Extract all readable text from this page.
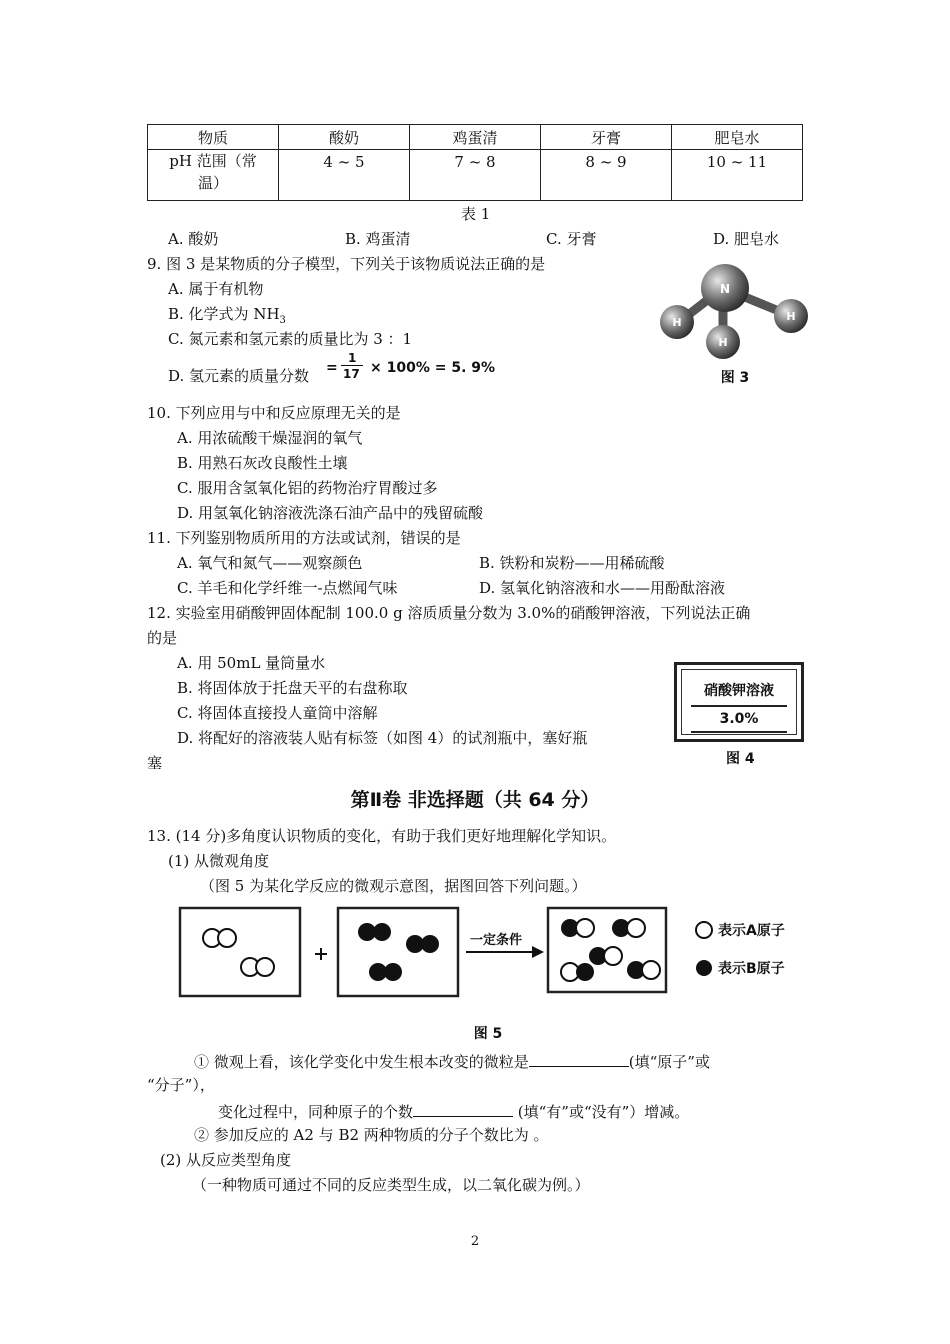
物质	酸奶	鸡蛋清	牙膏	肥皂水
pH 范围（常温）	4 ~ 5	7 ~ 8	8 ~ 9	10 ~ 11
表 1
A. 酸奶	B. 鸡蛋清	C. 牙膏	D. 肥皂水
9. 图 3 是某物质的分子模型，下列关于该物质说法正确的是
A. 属于有机物
B. 化学式为 $NH_3$
C. 氮元素和氢元素的质量比为 3 ：1
D. 氢元素的质量分数 =
1
17 × 100% = 5. 9%
N
H	H
H
图 3
10. 下列应用与中和反应原理无关的是
A. 用浓硫酸干燥湿润的氧气
B. 用熟石灰改良酸性土壤
C. 服用含氢氧化铝的药物治疗胃酸过多
D. 用氢氧化钠溶液洗涤石油产品中的残留硫酸
11. 下列鉴别物质所用的方法或试剂，错误的是
A. 氧气和氮气——观察颜色	B. 铁粉和炭粉——用稀硫酸
C. 羊毛和化学纤维一-点燃闻气味	D. 氢氧化钠溶液和水——用酚酞溶液
12. 实验室用硝酸钾固体配制 100.0 g 溶质质量分数为 3.0%的硝酸钾溶液，下列说法正确
的是
A. 用 50mL 量筒量水
B. 将固体放于托盘天平的右盘称取
C. 将固体直接投人童筒中溶解
D. 将配好的溶液装人贴有标签（如图 4）的试剂瓶中，塞好瓶
塞
硝酸钾溶液
3.0%
图 4
第Ⅱ卷 非选择题（共 64 分）
13. (14 分)多角度认识物质的变化，有助于我们更好地理解化学知识。
(1) 从微观角度
（图 5 为某化学反应的微观示意图，据图回答下列问题。）
一定条件
表示A原子
表示B原子
图 5
① 微观上看，该化学变化中发生根本改变的微粒是	(填“原子”或
“分子”），
变化过程中，同种原子的个数	(填“有”或“没有”）增减。
② 参加反应的 A2 与 B2 两种物质的分子个数比为 。
(2) 从反应类型角度
（一种物质可通过不同的反应类型生成，以二氧化碳为例。）
2
